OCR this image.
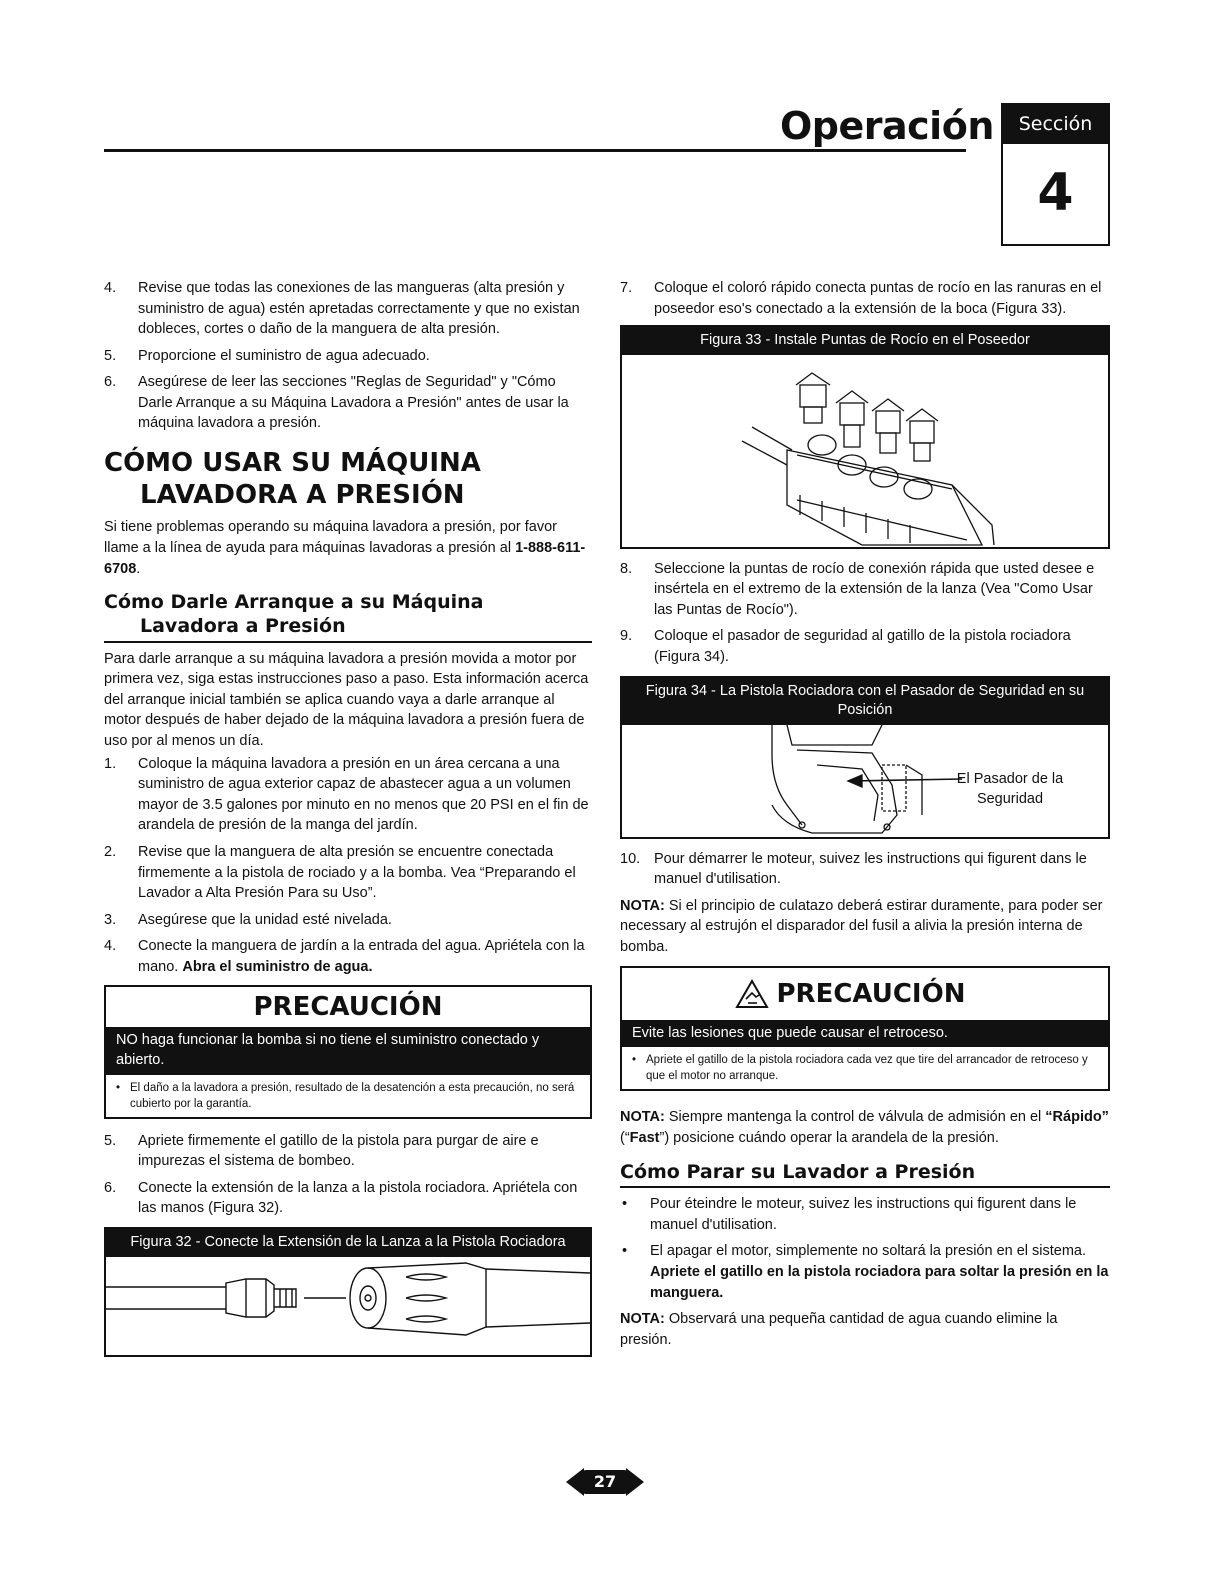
Operación	Sección
4
4.	Revise que todas las conexiones de las mangueras (alta presión y suministro de agua) estén apretadas correctamente y que no existan dobleces, cortes o daño de la manguera de alta presión.
5.	Proporcione el suministro de agua adecuado.
6.	Asegúrese de leer las secciones "Reglas de Seguridad" y "Cómo Darle Arranque a su Máquina Lavadora a Presión" antes de usar la máquina lavadora a presión.
CÓMO USAR SU MÁQUINA
LAVADORA A PRESIÓN

Si tiene problemas operando su máquina lavadora a presión, por favor llame a la línea de ayuda para máquinas lavadoras a presión al 1-888-611-6708.

Cómo Darle Arranque a su Máquina
Lavadora a Presión

Para darle arranque a su máquina lavadora a presión movida a motor por primera vez, siga estas instrucciones paso a paso. Esta información acerca del arranque inicial también se aplica cuando vaya a darle arranque al motor después de haber dejado de la máquina lavadora a presión fuera de uso por al menos un día.

1.	Coloque la máquina lavadora a presión en un área cercana a una suministro de agua exterior capaz de abastecer agua a un volumen mayor de 3.5 galones por minuto en no menos que 20 PSI en el fin de arandela de presión de la manga del jardín.
2.	Revise que la manguera de alta presión se encuentre conectada firmemente a la pistola de rociado y a la bomba. Vea “Preparando el Lavador a Alta Presión Para su Uso”.
3.	Asegúrese que la unidad esté nivelada.
4.	Conecte la manguera de jardín a la entrada del agua. Apriétela con la mano. Abra el suministro de agua.
PRECAUCIÓN
NO haga funcionar la bomba si no tiene el suministro conectado y abierto.
• El daño a la lavadora a presión, resultado de la desatención a esta precaución, no será cubierto por la garantía.
5.	Apriete firmemente el gatillo de la pistola para purgar de aire e impurezas el sistema de bombeo.
6.	Conecte la extensión de la lanza a la pistola rociadora. Apriétela con las manos (Figura 32).
Figura 32 - Conecte la Extensión de la Lanza a la Pistola Rociadora
7.	Coloque el coloró rápido conecta puntas de rocío en las ranuras en el poseedor eso's conectado a la extensión de la boca (Figura 33).
Figura 33 - Instale Puntas de Rocío en el Poseedor
8.	Seleccione la puntas de rocío de conexión rápida que usted desee e insértela en el extremo de la extensión de la lanza (Vea "Como Usar las Puntas de Rocío").
9.	Coloque el pasador de seguridad al gatillo de la pistola rociadora (Figura 34).
Figura 34 - La Pistola Rociadora con el Pasador de Seguridad en su Posición
El Pasador de la
Seguridad
10. Pour démarrer le moteur, suivez les instructions qui figurent dans le manuel d'utilisation.

NOTA: Si el principio de culatazo deberá estirar duramente, para poder ser necessary al estrujón el disparador del fusil a alivia la presión interna de bomba.

PRECAUCIÓN
Evite las lesiones que puede causar el retroceso.
• Apriete el gatillo de la pistola rociadora cada vez que tire del arrancador de retroceso y que el motor no arranque.

NOTA: Siempre mantenga la control de válvula de admisión en el “Rápido” (“Fast”) posicione cuándo operar la arandela de la presión.

Cómo Parar su Lavador a Presión
•	Pour éteindre le moteur, suivez les instructions qui figurent dans le manuel d'utilisation.
•	El apagar el motor, simplemente no soltará la presión en el sistema. Apriete el gatillo en la pistola rociadora para soltar la presión en la manguera.

NOTA: Observará una pequeña cantidad de agua cuando elimine la presión.

27
